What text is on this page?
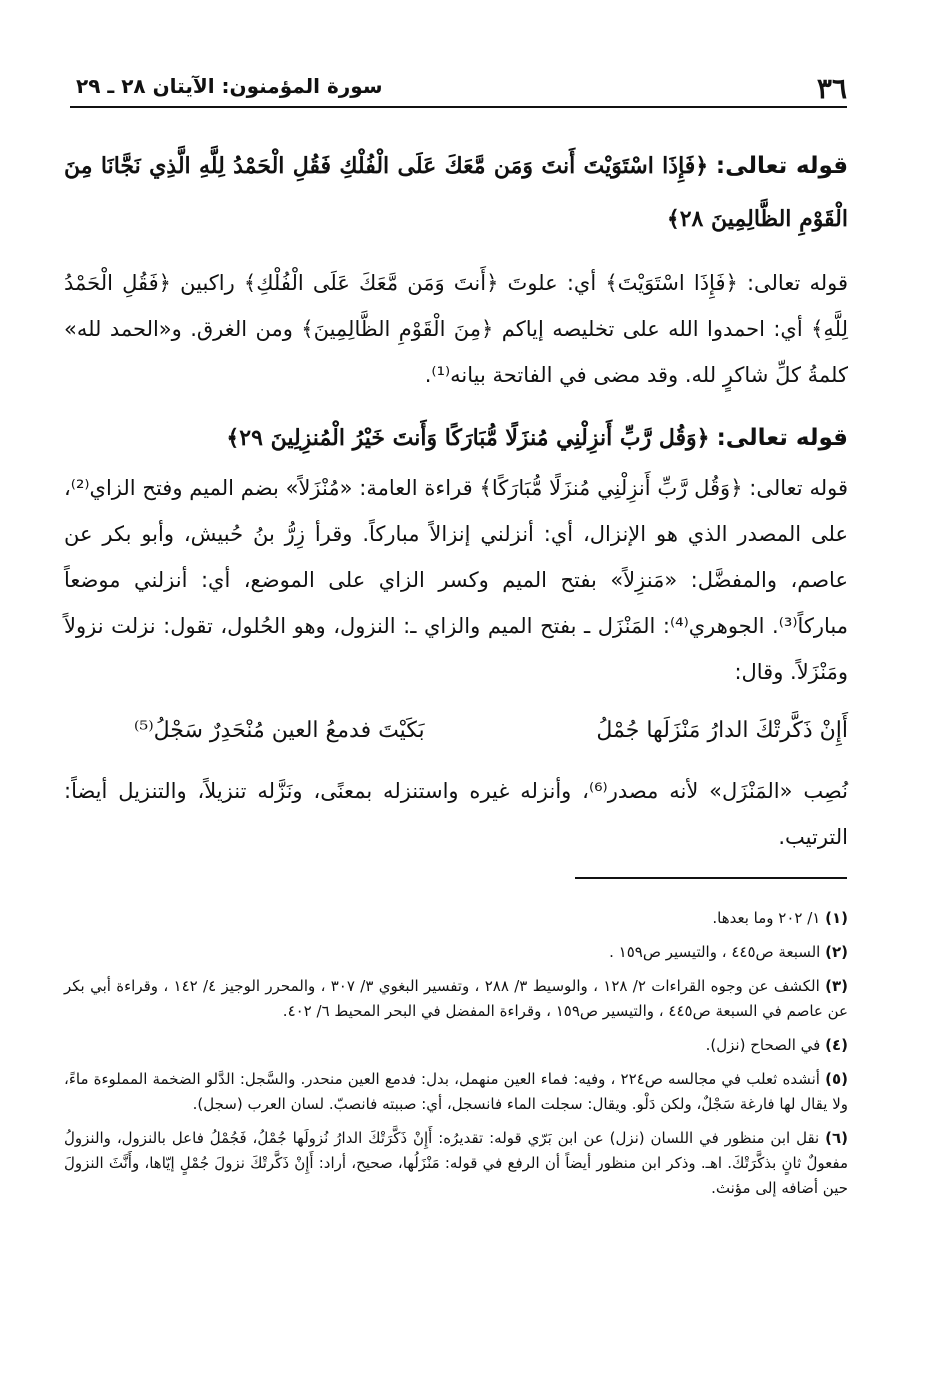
٣٦
سورة المؤمنون: الآيتان ٢٨ ـ ٢٩

قوله تعالى: ﴿فَإِذَا اسْتَوَيْتَ أَنتَ وَمَن مَّعَكَ عَلَى الْفُلْكِ فَقُلِ الْحَمْدُ لِلَّهِ الَّذِي نَجَّانَا مِنَ الْقَوْمِ الظَّالِمِينَ ٢٨﴾

قوله تعالى: ﴿فَإِذَا اسْتَوَيْتَ﴾ أي: علوتَ ﴿أَنتَ وَمَن مَّعَكَ عَلَى الْفُلْكِ﴾ راكبين ﴿فَقُلِ الْحَمْدُ لِلَّهِ﴾ أي: احمدوا الله على تخليصه إياكم ﴿مِنَ الْقَوْمِ الظَّالِمِينَ﴾ ومن الغرق. و«الحمد لله» كلمةُ كلِّ شاكرٍ لله. وقد مضى في الفاتحة بيانه⁽¹⁾.

قوله تعالى: ﴿وَقُل رَّبِّ أَنزِلْنِي مُنزَلًا مُّبَارَكًا وَأَنتَ خَيْرُ الْمُنزِلِينَ ٢٩﴾

قوله تعالى: ﴿وَقُل رَّبِّ أَنزِلْنِي مُنزَلًا مُّبَارَكًا﴾ قراءة العامة: «مُنْزَلاً» بضم الميم وفتح الزاي⁽²⁾، على المصدر الذي هو الإنزال، أي: أنزلني إنزالاً مباركاً. وقرأ زِرُّ بنُ حُبيش، وأبو بكر عن عاصم، والمفضَّل: «مَنزِلاً» بفتح الميم وكسر الزاي على الموضع، أي: أنزلني موضعاً مباركاً⁽³⁾. الجوهري⁽⁴⁾: المَنْزَل ـ بفتح الميم والزاي ـ: النزول، وهو الحُلول، تقول: نزلت نزولاً ومَنْزَلاً. وقال:

أَإِنْ ذَكَّرتْكَ الدارُ مَنْزَلَها جُمْلُ
بَكَيْتَ فدمعُ العين مُنْحَدِرٌ سَجْلُ⁽⁵⁾
نُصِب «المَنْزَل» لأنه مصدر⁽⁶⁾، وأنزله غيره واستنزله بمعنًى، ونَزَّله تنزيلاً، والتنزيل أيضاً: الترتيب.

(١) ١/ ٢٠٢ وما بعدها.

(٢) السبعة ص٤٤٥ ، والتيسير ص١٥٩ .

(٣) الكشف عن وجوه القراءات ٢/ ١٢٨ ، والوسيط ٣/ ٢٨٨ ، وتفسير البغوي ٣/ ٣٠٧ ، والمحرر الوجيز ٤/ ١٤٢ ، وقراءة أبي بكر عن عاصم في السبعة ص٤٤٥ ، والتيسير ص١٥٩ ، وقراءة المفضل في البحر المحيط ٦/ ٤٠٢.

(٤) في الصحاح (نزل).

(٥) أنشده ثعلب في مجالسه ص٢٢٤ ، وفيه: فماء العين منهمل، بدل: فدمع العين منحدر. والسَّجل: الدَّلو الضخمة المملوءة ماءً، ولا يقال لها فارغة سَجْلٌ، ولكن دَلْو. ويقال: سجلت الماء فانسجل، أي: صببته فانصبّ. لسان العرب (سجل).

(٦) نقل ابن منظور في اللسان (نزل) عن ابن بَرّي قوله: تقديرُه: أَإِنْ ذَكَّرَتْكَ الدارُ نُزولَها جُمْلُ، فَجُمْلُ فاعل بالنزول، والنزولُ مفعولٌ ثانٍ بذكَّرَتْكَ. اهـ. وذكر ابن منظور أيضاً أن الرفع في قوله: مَنْزَلُها، صحيح، أراد: أَإِنْ ذَكَّرتْكَ نزولَ جُمْلٍ إيّاها، وأَنَّثَ النزولَ حين أضافه إلى مؤنث.
